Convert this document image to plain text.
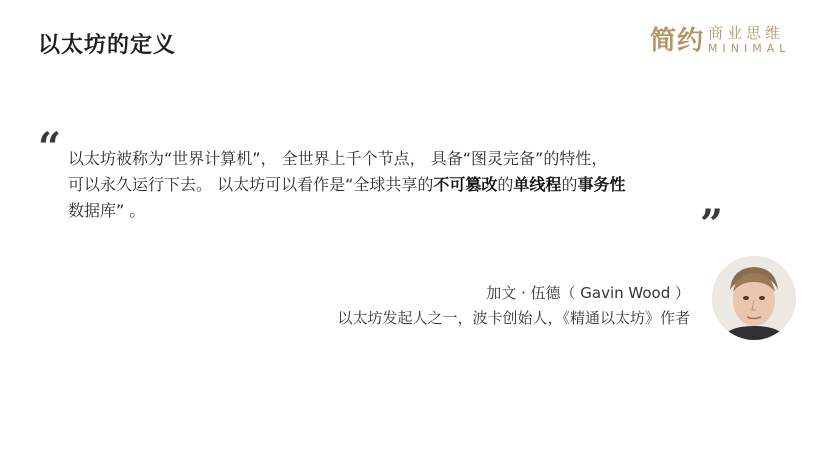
以太坊的定义	简约 商业思维
MINIMAL
“ 以太坊被称为“世界计算机”， 全世界上千个节点， 具备“图灵完备”的特性，
可以永久运行下去。 以太坊可以看作是“全球共享的不可篡改的单线程的事务性
数据库” 。	”
加文 · 伍德（ Gavin Wood ）
以太坊发起人之一，波卡创始人，《精通以太坊》作者
